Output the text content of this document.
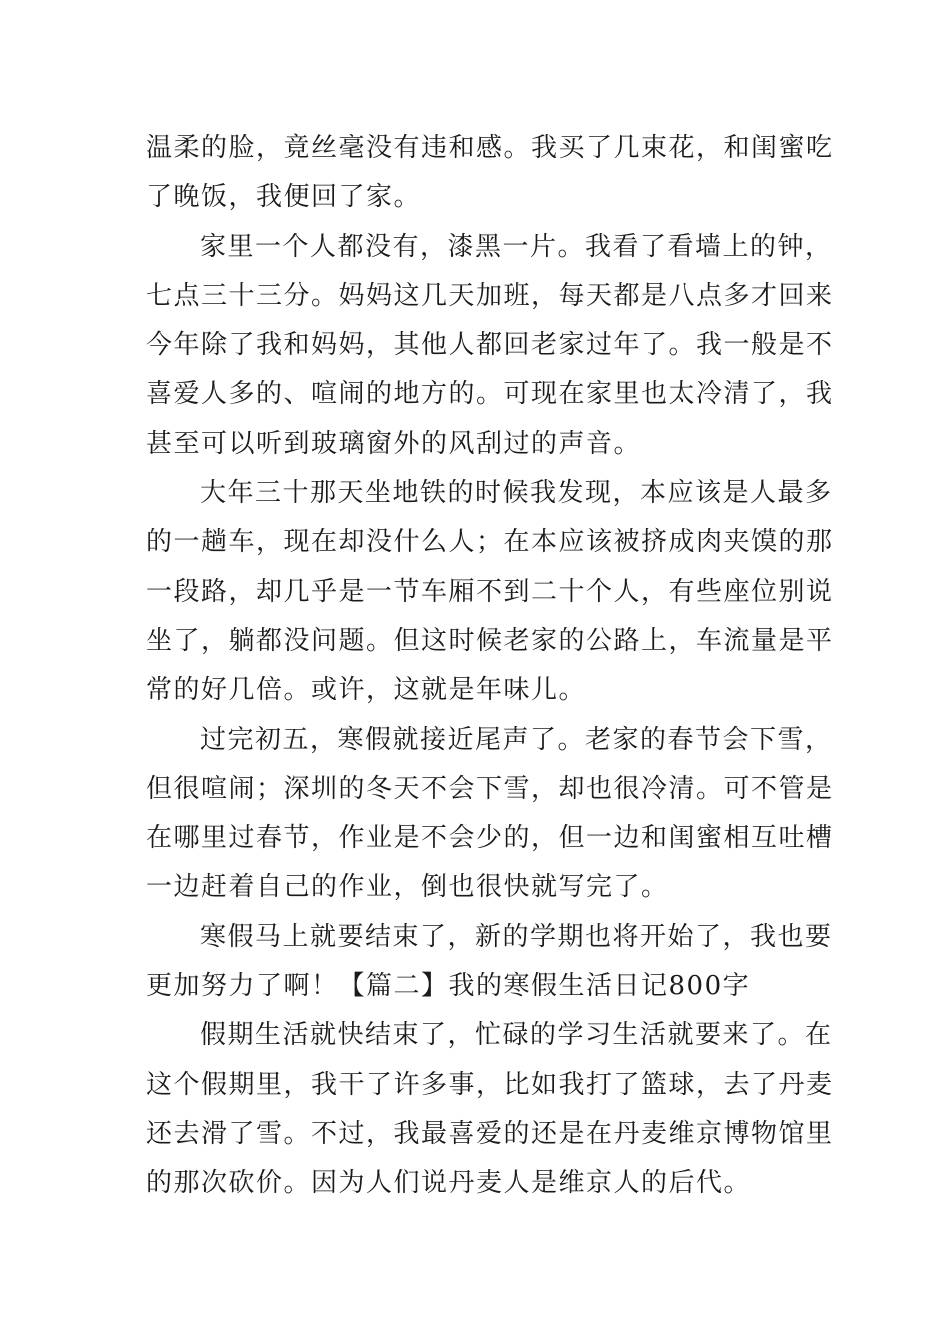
温柔的脸，竟丝毫没有违和感。我买了几束花，和闺蜜吃
了晚饭，我便回了家。
家里一个人都没有，漆黑一片。我看了看墙上的钟，
七点三十三分。妈妈这几天加班，每天都是八点多才回来
今年除了我和妈妈，其他人都回老家过年了。我一般是不
喜爱人多的、喧闹的地方的。可现在家里也太冷清了，我
甚至可以听到玻璃窗外的风刮过的声音。
大年三十那天坐地铁的时候我发现，本应该是人最多
的一趟车，现在却没什么人；在本应该被挤成肉夹馍的那
一段路，却几乎是一节车厢不到二十个人，有些座位别说
坐了，躺都没问题。但这时候老家的公路上，车流量是平
常的好几倍。或许，这就是年味儿。
过完初五，寒假就接近尾声了。老家的春节会下雪，
但很喧闹；深圳的冬天不会下雪，却也很冷清。可不管是
在哪里过春节，作业是不会少的，但一边和闺蜜相互吐槽
一边赶着自己的作业，倒也很快就写完了。
寒假马上就要结束了，新的学期也将开始了，我也要
更加努力了啊！【篇二】我的寒假生活日记800字
假期生活就快结束了，忙碌的学习生活就要来了。在
这个假期里，我干了许多事，比如我打了篮球，去了丹麦
还去滑了雪。不过，我最喜爱的还是在丹麦维京博物馆里
的那次砍价。因为人们说丹麦人是维京人的后代。
